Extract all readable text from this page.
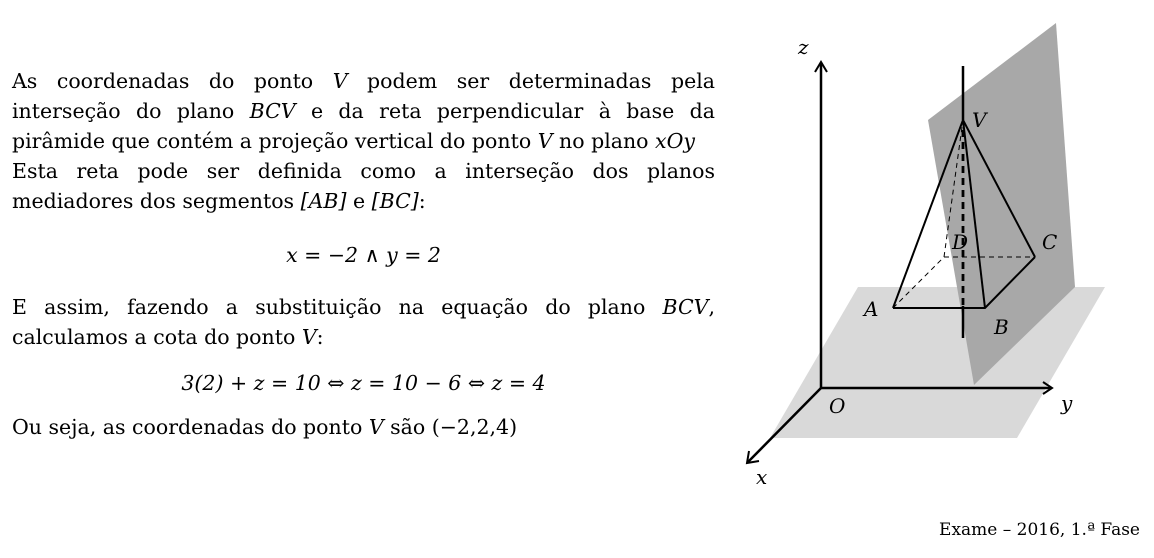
As coordenadas do ponto V podem ser determinadas pela interseção do plano BCV e da reta perpendicular à base da pirâmide que contém a projeção vertical do ponto V no plano xOy

Esta reta pode ser definida como a interseção dos planos mediadores dos segmentos [AB] e [BC]:

x = −2 ∧ y = 2

E assim, fazendo a substituição na equação do plano BCV, calculamos a cota do ponto V:

3(2) + z = 10 ⇔ z = 10 − 6 ⇔ z = 4

Ou seja, as coordenadas do ponto V são (−2,2,4)

z
y
x
O
A
B
C
D
V
Exame – 2016, 1.ª Fase
